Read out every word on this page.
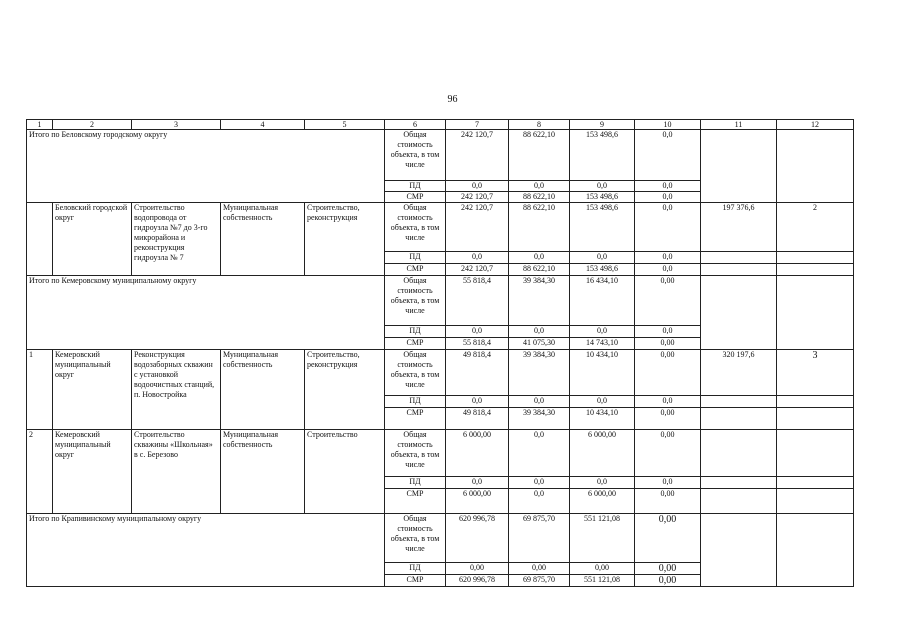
96
1	2	3	4	5	6	7	8	9	10	11	12
Итого по Беловскому городскому округу					Общая стоимость объекта, в том числе	242 120,7	88 622,10	153 498,6	0,0		
					ПД	0,0	0,0	0,0	0,0		
					СМР	242 120,7	88 622,10	153 498,6	0,0		
	Беловский городской округ	Строительство водопровода от гидроузла №7 до 3-го микрорайона и реконструкция гидроузла № 7	Муниципальная собственность	Строительство, реконструкция	Общая стоимость объекта, в том числе	242 120,7	88 622,10	153 498,6	0,0	197 376,6	2
					ПД	0,0	0,0	0,0	0,0		
					СМР	242 120,7	88 622,10	153 498,6	0,0		
Итого по Кемеровскому муниципальному округу					Общая стоимость объекта, в том числе	55 818,4	39 384,30	16 434,10	0,00		
					ПД	0,0	0,0	0,0	0,0		
					СМР	55 818,4	41 075,30	14 743,10	0,00		
1	Кемеровский муниципальный округ	Реконструкция водозаборных скважин с установкой водоочистных станций, п. Новостройка	Муниципальная собственность	Строительство, реконструкция	Общая стоимость объекта, в том числе	49 818,4	39 384,30	10 434,10	0,00	320 197,6	3
					ПД	0,0	0,0	0,0	0,0		
					СМР	49 818,4	39 384,30	10 434,10	0,00		
2	Кемеровский муниципальный округ	Строительство скважины «Школьная» в с. Березово	Муниципальная собственность	Строительство	Общая стоимость объекта, в том числе	6 000,00	0,0	6 000,00	0,00		
					ПД	0,0	0,0	0,0	0,0		
					СМР	6 000,00	0,0	6 000,00	0,00		
Итого по Крапивинскому муниципальному округу					Общая стоимость объекта, в том числе	620 996,78	69 875,70	551 121,08	0,00		
					ПД	0,00	0,00	0,00	0,00		
					СМР	620 996,78	69 875,70	551 121,08	0,00		
